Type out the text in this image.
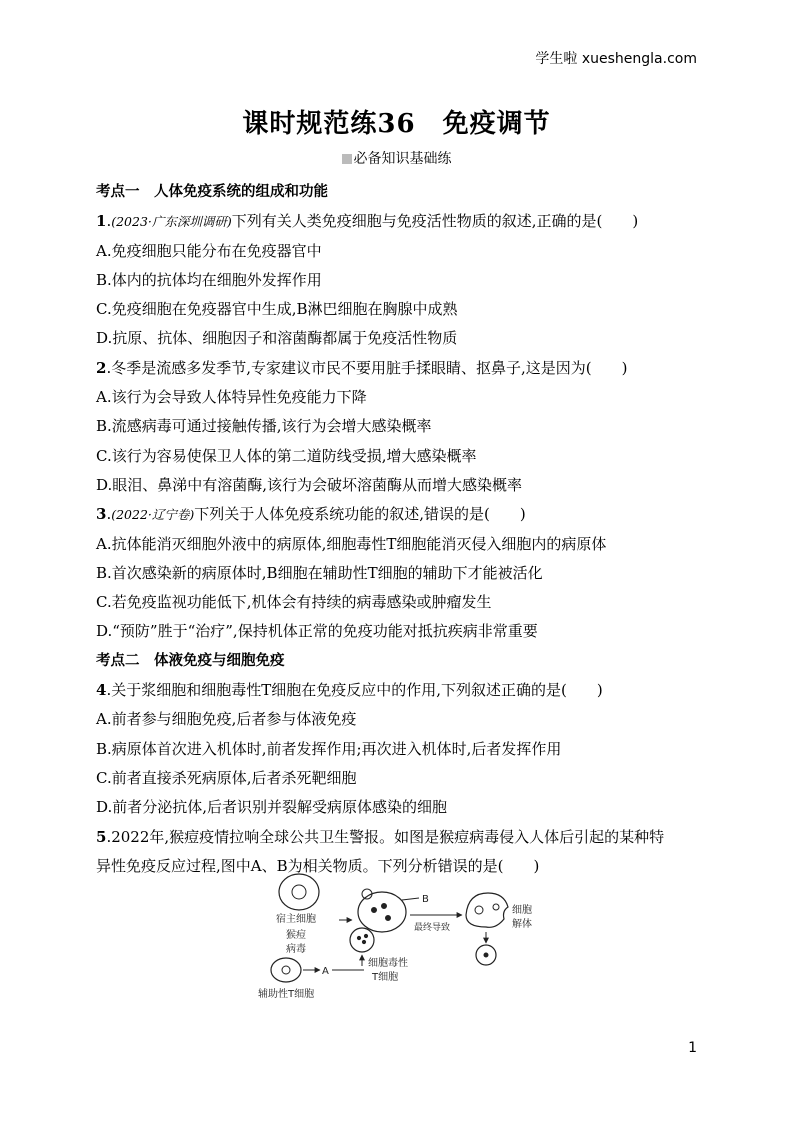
学生啦 xueshengla.com
课时规范练36　免疫调节
必备知识基础练
考点一　人体免疫系统的组成和功能
1.(2023·广东深圳调研)下列有关人类免疫细胞与免疫活性物质的叙述,正确的是(　　)
A.免疫细胞只能分布在免疫器官中
B.体内的抗体均在细胞外发挥作用
C.免疫细胞在免疫器官中生成,B淋巴细胞在胸腺中成熟
D.抗原、抗体、细胞因子和溶菌酶都属于免疫活性物质
2.冬季是流感多发季节,专家建议市民不要用脏手揉眼睛、抠鼻子,这是因为(　　)
A.该行为会导致人体特异性免疫能力下降
B.流感病毒可通过接触传播,该行为会增大感染概率
C.该行为容易使保卫人体的第二道防线受损,增大感染概率
D.眼泪、鼻涕中有溶菌酶,该行为会破坏溶菌酶从而增大感染概率
3.(2022·辽宁卷)下列关于人体免疫系统功能的叙述,错误的是(　　)
A.抗体能消灭细胞外液中的病原体,细胞毒性T细胞能消灭侵入细胞内的病原体
B.首次感染新的病原体时,B细胞在辅助性T细胞的辅助下才能被活化
C.若免疫监视功能低下,机体会有持续的病毒感染或肿瘤发生
D.“预防”胜于“治疗”,保持机体正常的免疫功能对抵抗疾病非常重要
考点二　体液免疫与细胞免疫
4.关于浆细胞和细胞毒性T细胞在免疫反应中的作用,下列叙述正确的是(　　)
A.前者参与细胞免疫,后者参与体液免疫
B.病原体首次进入机体时,前者发挥作用;再次进入机体时,后者发挥作用
C.前者直接杀死病原体,后者杀死靶细胞
D.前者分泌抗体,后者识别并裂解受病原体感染的细胞
5.2022年,猴痘疫情拉响全球公共卫生警报。如图是猴痘病毒侵入人体后引起的某种特
异性免疫反应过程,图中A、B为相关物质。下列分析错误的是(　　)
宿主细胞
猴痘
病毒
B
最终导致
细胞
解体
A
细胞毒性
T细胞
辅助性T细胞
1
